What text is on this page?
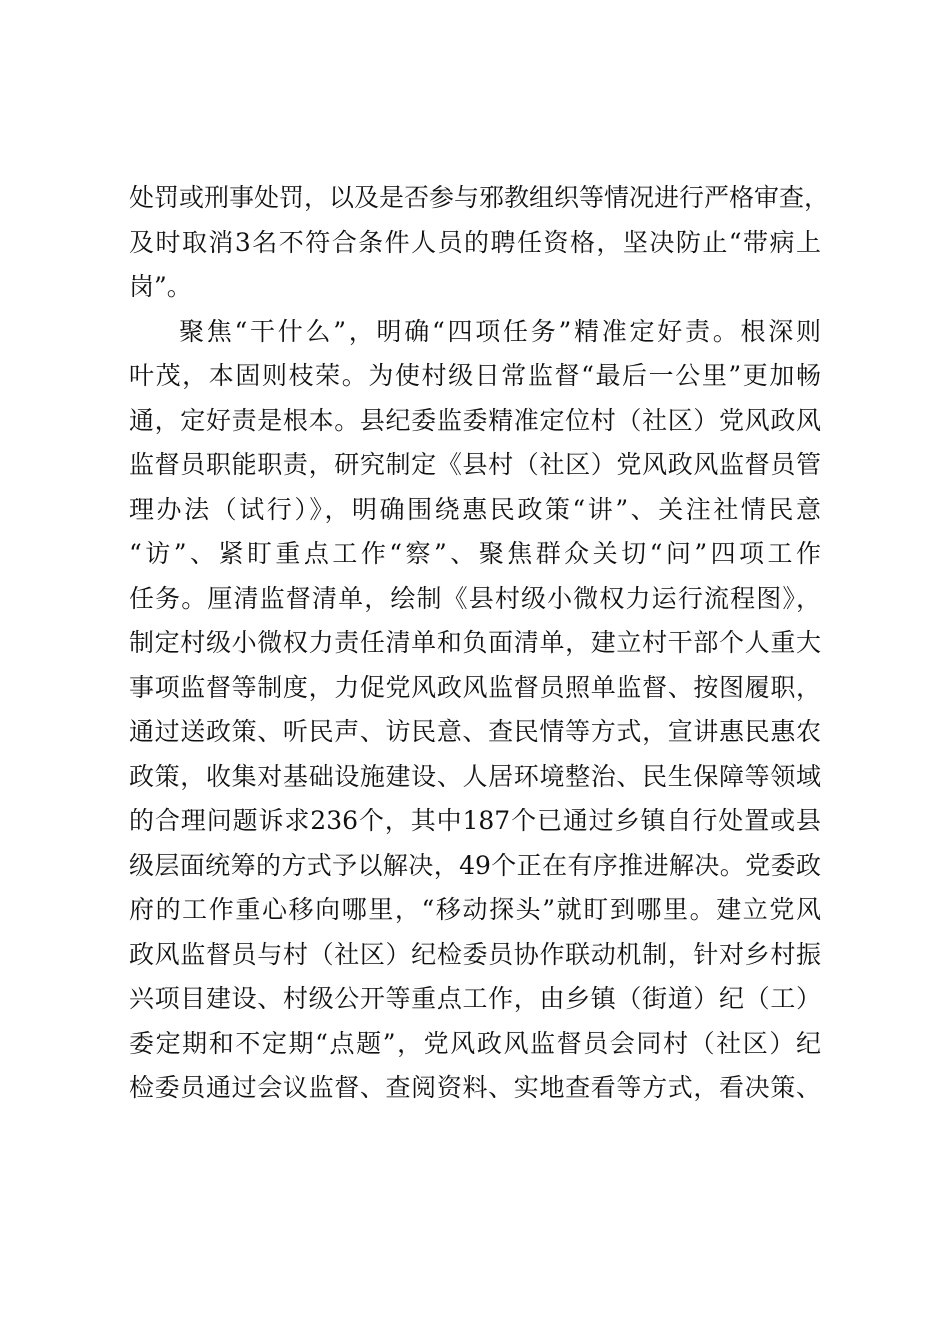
处罚或刑事处罚，以及是否参与邪教组织等情况进行严格审查，
及时取消3名不符合条件人员的聘任资格，坚决防止“带病上
岗”。
聚焦“干什么”，明确“四项任务”精准定好责。根深则
叶茂，本固则枝荣。为使村级日常监督“最后一公里”更加畅
通，定好责是根本。县纪委监委精准定位村（社区）党风政风
监督员职能职责，研究制定《县村（社区）党风政风监督员管
理办法（试行）》，明确围绕惠民政策“讲”、关注社情民意
“访”、紧盯重点工作“察”、聚焦群众关切“问”四项工作
任务。厘清监督清单，绘制《县村级小微权力运行流程图》，
制定村级小微权力责任清单和负面清单，建立村干部个人重大
事项监督等制度，力促党风政风监督员照单监督、按图履职，
通过送政策、听民声、访民意、查民情等方式，宣讲惠民惠农
政策，收集对基础设施建设、人居环境整治、民生保障等领域
的合理问题诉求236个，其中187个已通过乡镇自行处置或县
级层面统筹的方式予以解决，49个正在有序推进解决。党委政
府的工作重心移向哪里，“移动探头”就盯到哪里。建立党风
政风监督员与村（社区）纪检委员协作联动机制，针对乡村振
兴项目建设、村级公开等重点工作，由乡镇（街道）纪（工）
委定期和不定期“点题”，党风政风监督员会同村（社区）纪
检委员通过会议监督、查阅资料、实地查看等方式，看决策、
